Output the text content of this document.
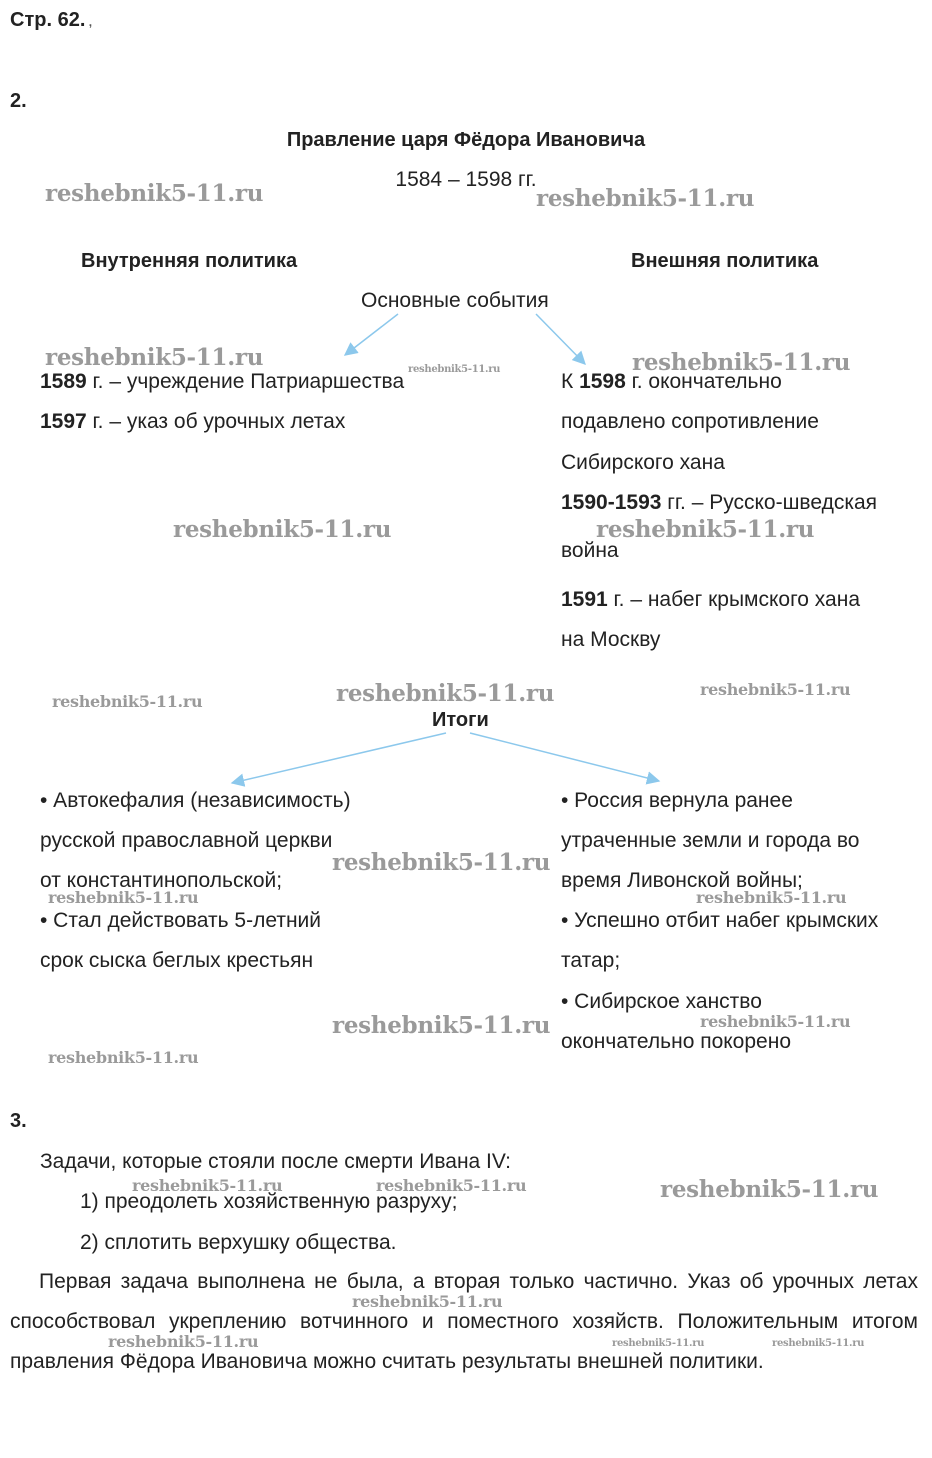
Стр. 62. ,
2.
Правление царя Фёдора Ивановича
1584 – 1598 гг.
Внутренняя политика	Внешняя политика
Основные события
1589 г. – учреждение Патриаршества
1597 г. – указ об урочных летах
К 1598 г. окончательно
подавлено сопротивление
Сибирского хана
1590-1593 гг. – Русско-шведская
война
1591 г. – набег крымского хана
на Москву
Итоги
• Автокефалия (независимость)
русской православной церкви
от константинопольской;
• Стал действовать 5-летний
срок сыска беглых крестьян
• Россия вернула ранее
утраченные земли и города во
время Ливонской войны;
• Успешно отбит набег крымских
татар;
• Сибирское ханство
окончательно покорено
3.
Задачи, которые стояли после смерти Ивана IV:
1) преодолеть хозяйственную разруху;
2) сплотить верхушку общества.
Первая задача выполнена не была, а вторая только частично. Указ об урочных летах способствовал укреплению вотчинного и поместного хозяйств. Положительным итогом правления Фёдора Ивановича можно считать результаты внешней политики.
reshebnik5-11.ru	reshebnik5-11.ru
reshebnik5-11.ru	reshebnik5-11.ru	reshebnik5-11.ru
reshebnik5-11.ru	reshebnik5-11.ru
reshebnik5-11.ru	reshebnik5-11.ru	reshebnik5-11.ru
reshebnik5-11.ru
reshebnik5-11.ru	reshebnik5-11.ru
reshebnik5-11.ru	reshebnik5-11.ru
reshebnik5-11.ru
reshebnik5-11.ru	reshebnik5-11.ru	reshebnik5-11.ru
reshebnik5-11.ru
reshebnik5-11.ru	reshebnik5-11.ru	reshebnik5-11.ru
